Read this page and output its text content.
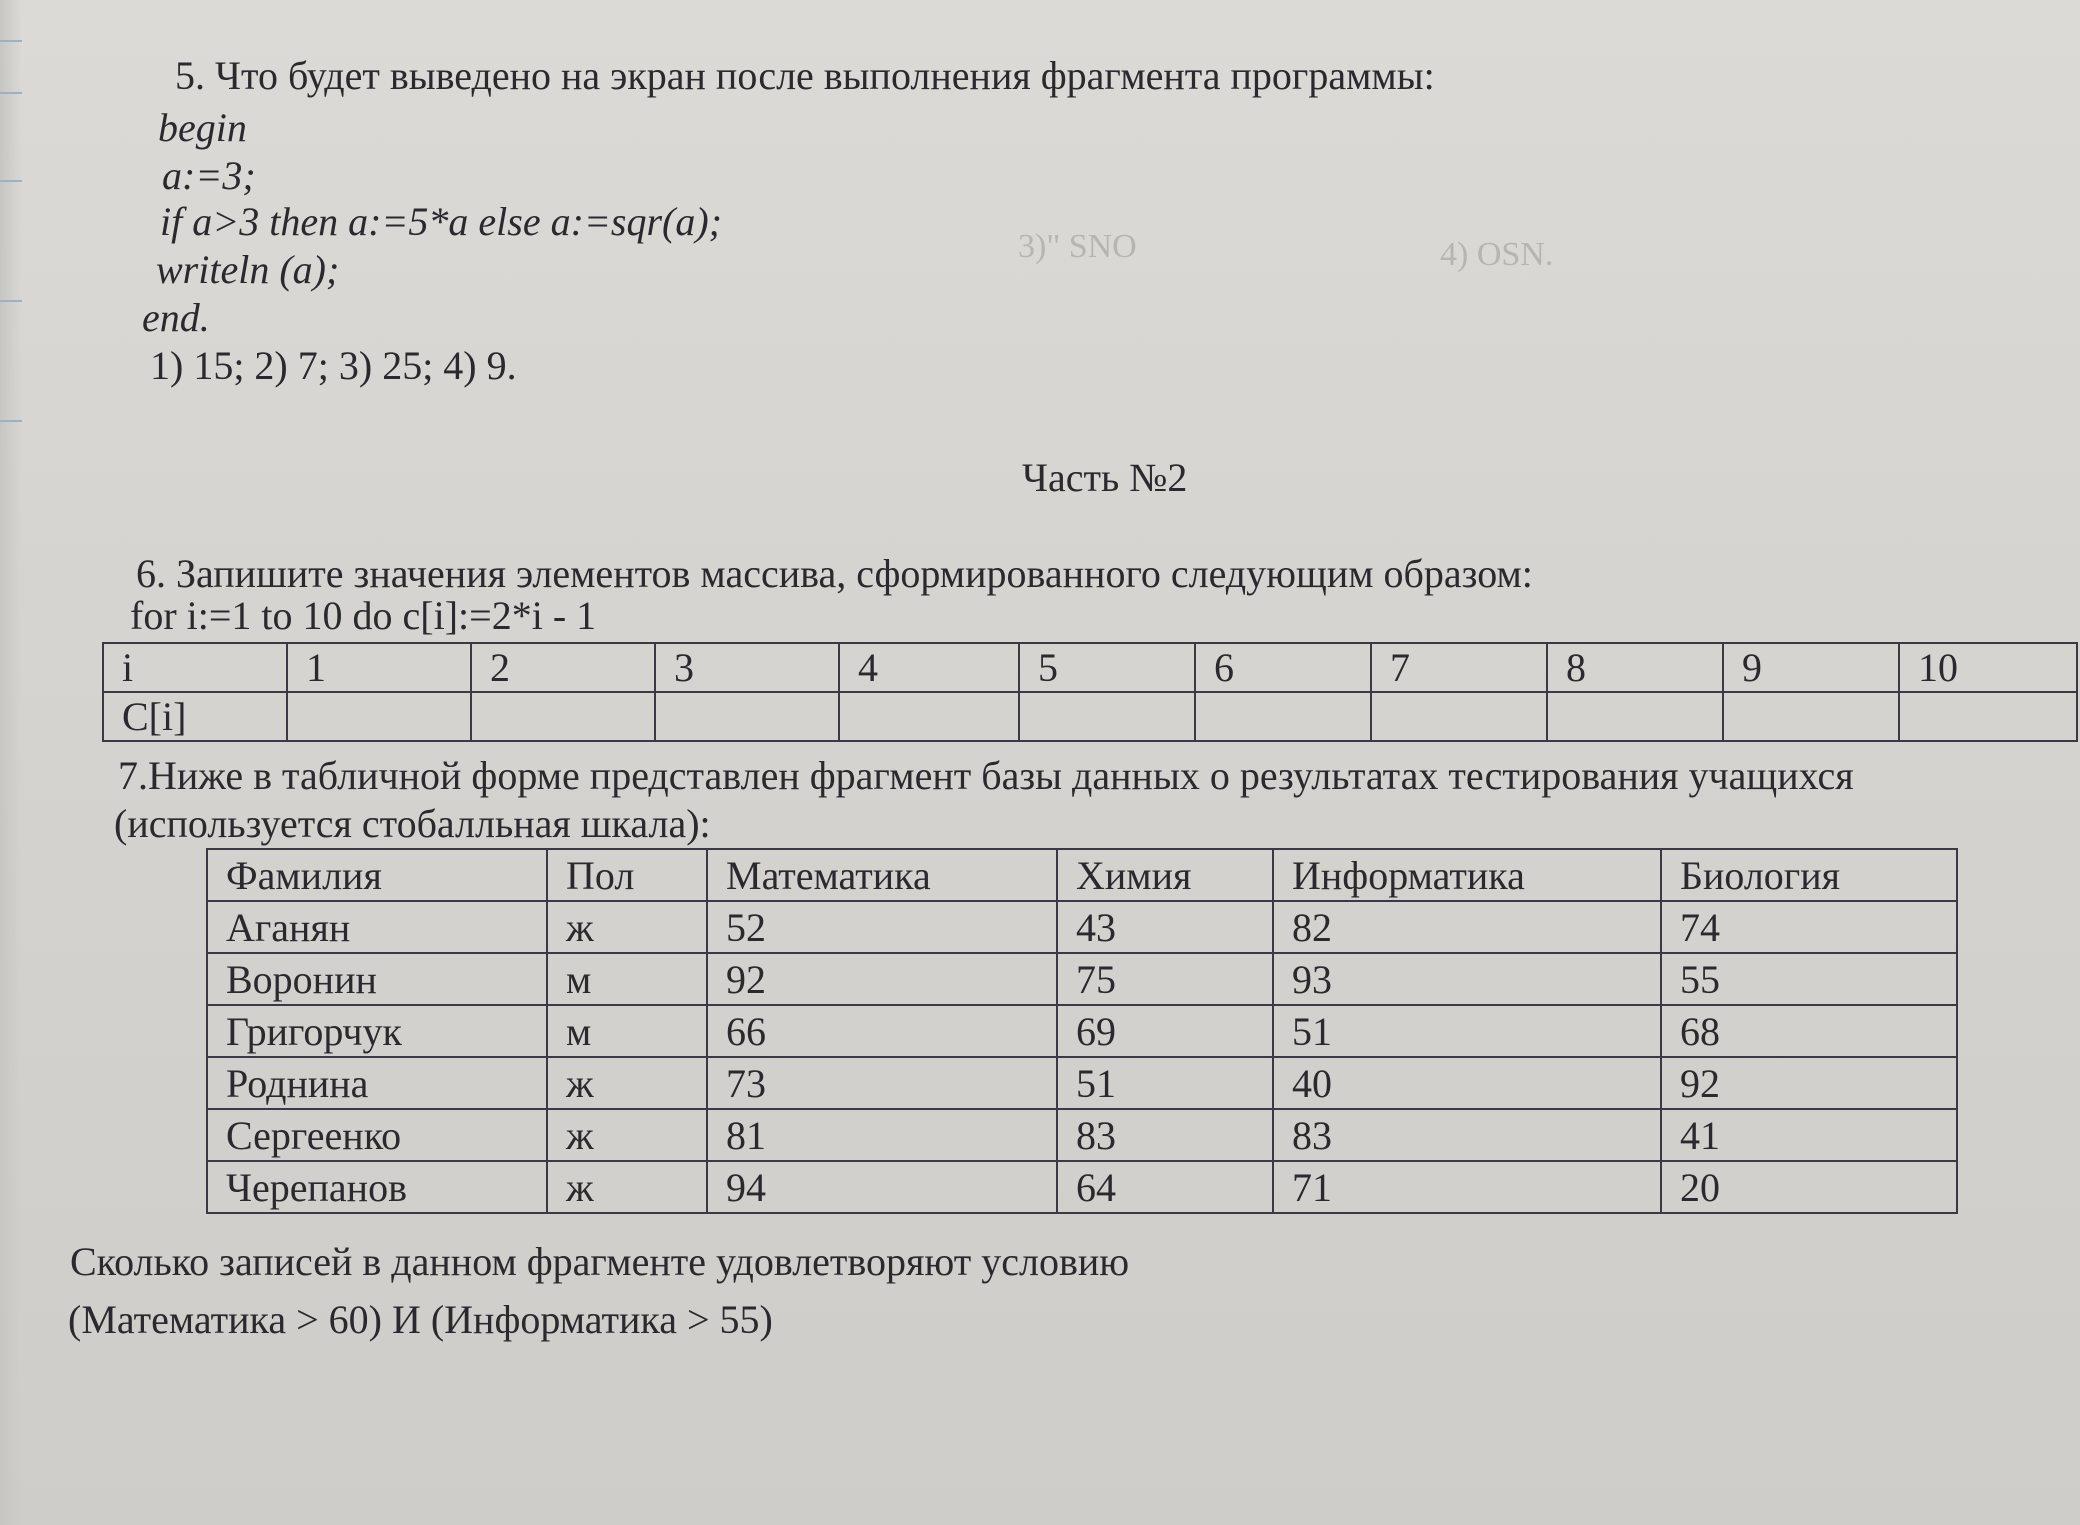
5. Что будет выведено на экран после выполнения фрагмента программы:
begin
a:=3;
if a>3 then a:=5*a else a:=sqr(a);
writeln (a);
end.
1) 15; 2) 7; 3) 25; 4) 9.
3)" SNO	4) OSN.
Часть №2
6. Запишите значения элементов массива, сформированного следующим образом:
for i:=1 to 10 do c[i]:=2*i - 1
i	1	2	3	4	5	6	7	8	9	10
C[i]										
7.Ниже в табличной форме представлен фрагмент базы данных о результатах тестирования учащихся
(используется стобалльная шкала):
Фамилия	Пол	Математика	Химия	Информатика	Биология
Аганян	ж	52	43	82	74
Воронин	м	92	75	93	55
Григорчук	м	66	69	51	68
Роднина	ж	73	51	40	92
Сергеенко	ж	81	83	83	41
Черепанов	ж	94	64	71	20
Сколько записей в данном фрагменте удовлетворяют условию
(Математика > 60) И (Информатика > 55)
